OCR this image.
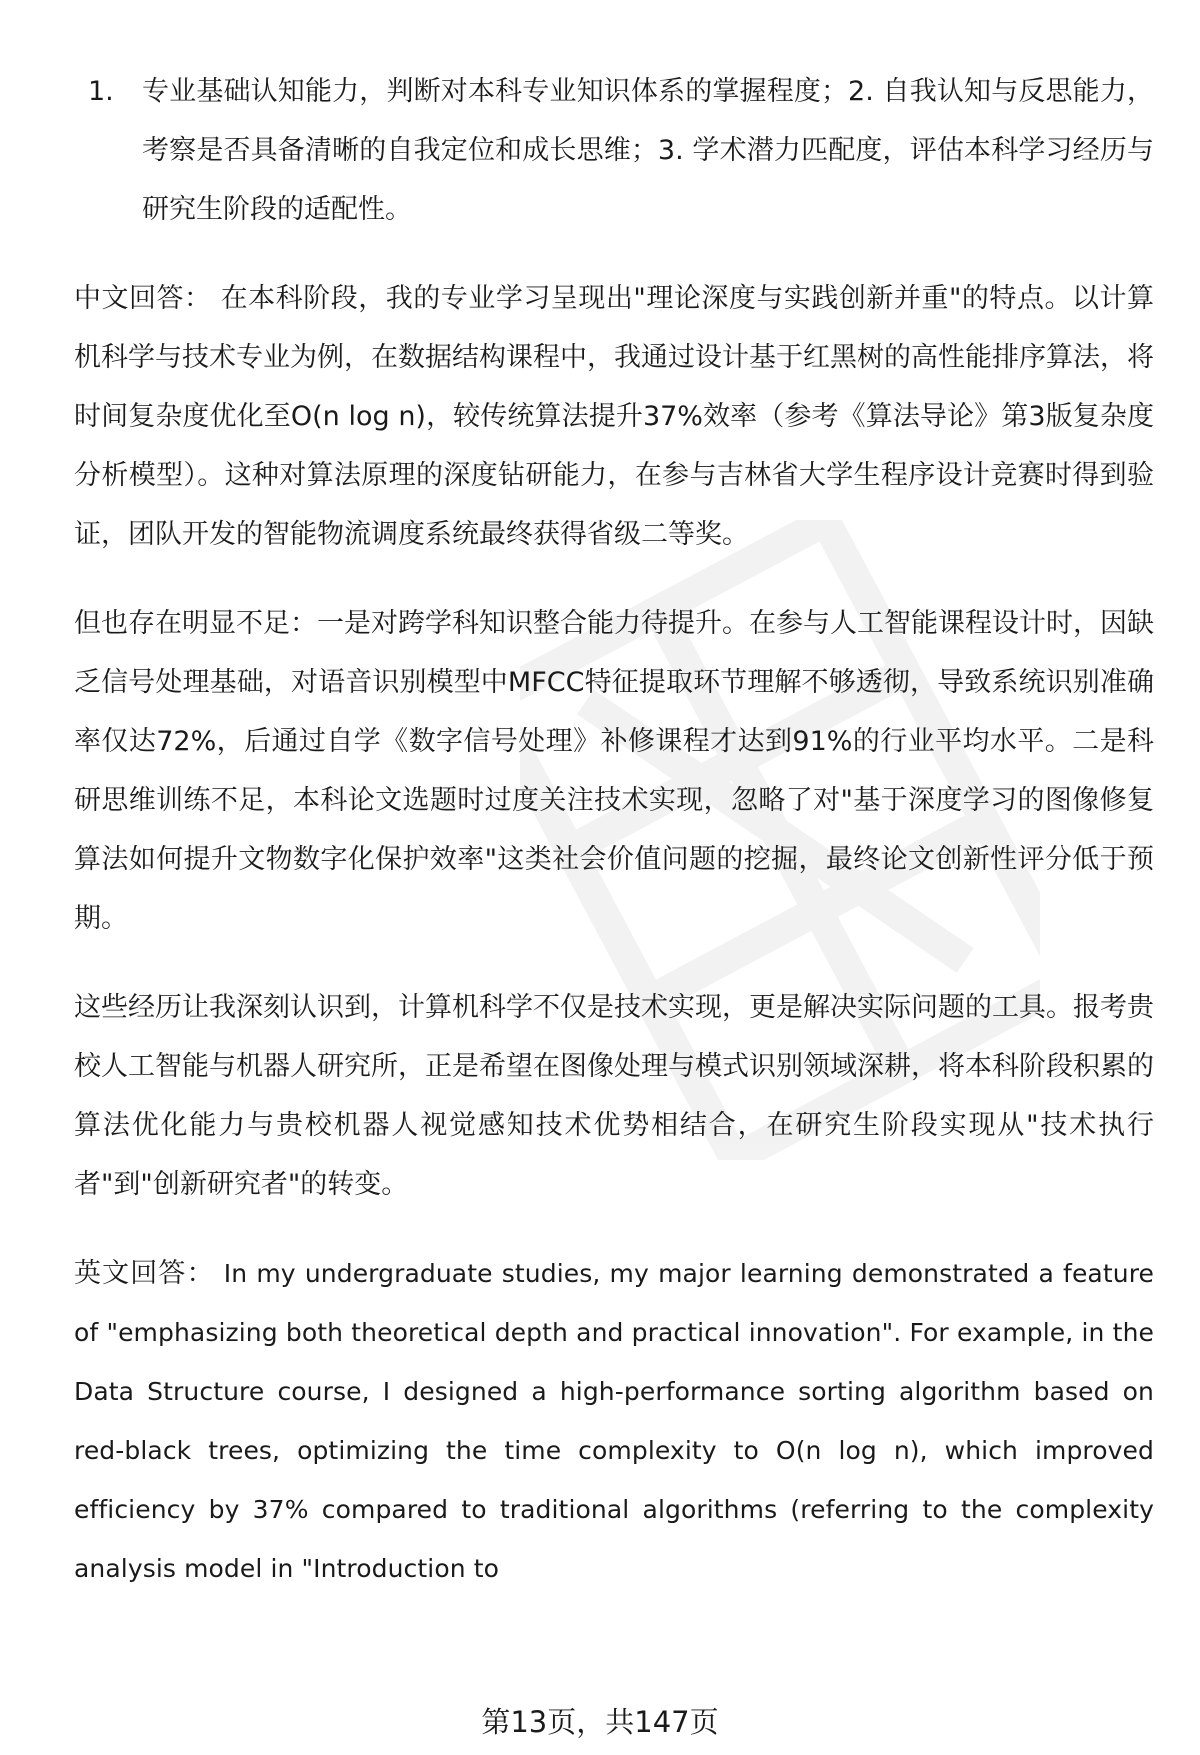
1.	专业基础认知能力，判断对本科专业知识体系的掌握程度；2. 自我认知与反思能力，考察是否具备清晰的自我定位和成长思维；3. 学术潜力匹配度，评估本科学习经历与研究生阶段的适配性。

中文回答： 在本科阶段，我的专业学习呈现出"理论深度与实践创新并重"的特点。以计算机科学与技术专业为例，在数据结构课程中，我通过设计基于红黑树的高性能排序算法，将时间复杂度优化至O(n log n)，较传统算法提升37%效率（参考《算法导论》第3版复杂度分析模型）。这种对算法原理的深度钻研能力，在参与吉林省大学生程序设计竞赛时得到验证，团队开发的智能物流调度系统最终获得省级二等奖。

但也存在明显不足：一是对跨学科知识整合能力待提升。在参与人工智能课程设计时，因缺乏信号处理基础，对语音识别模型中MFCC特征提取环节理解不够透彻，导致系统识别准确率仅达72%，后通过自学《数字信号处理》补修课程才达到91%的行业平均水平。二是科研思维训练不足，本科论文选题时过度关注技术实现，忽略了对"基于深度学习的图像修复算法如何提升文物数字化保护效率"这类社会价值问题的挖掘，最终论文创新性评分低于预期。

这些经历让我深刻认识到，计算机科学不仅是技术实现，更是解决实际问题的工具。报考贵校人工智能与机器人研究所，正是希望在图像处理与模式识别领域深耕，将本科阶段积累的算法优化能力与贵校机器人视觉感知技术优势相结合，在研究生阶段实现从"技术执行者"到"创新研究者"的转变。

英文回答： In my undergraduate studies, my major learning demonstrated a feature of "emphasizing both theoretical depth and practical innovation". For example, in the Data Structure course, I designed a high-performance sorting algorithm based on red-black trees, optimizing the time complexity to O(n log n), which improved efficiency by 37% compared to traditional algorithms (referring to the complexity analysis model in "Introduction to

第13页，共147页
